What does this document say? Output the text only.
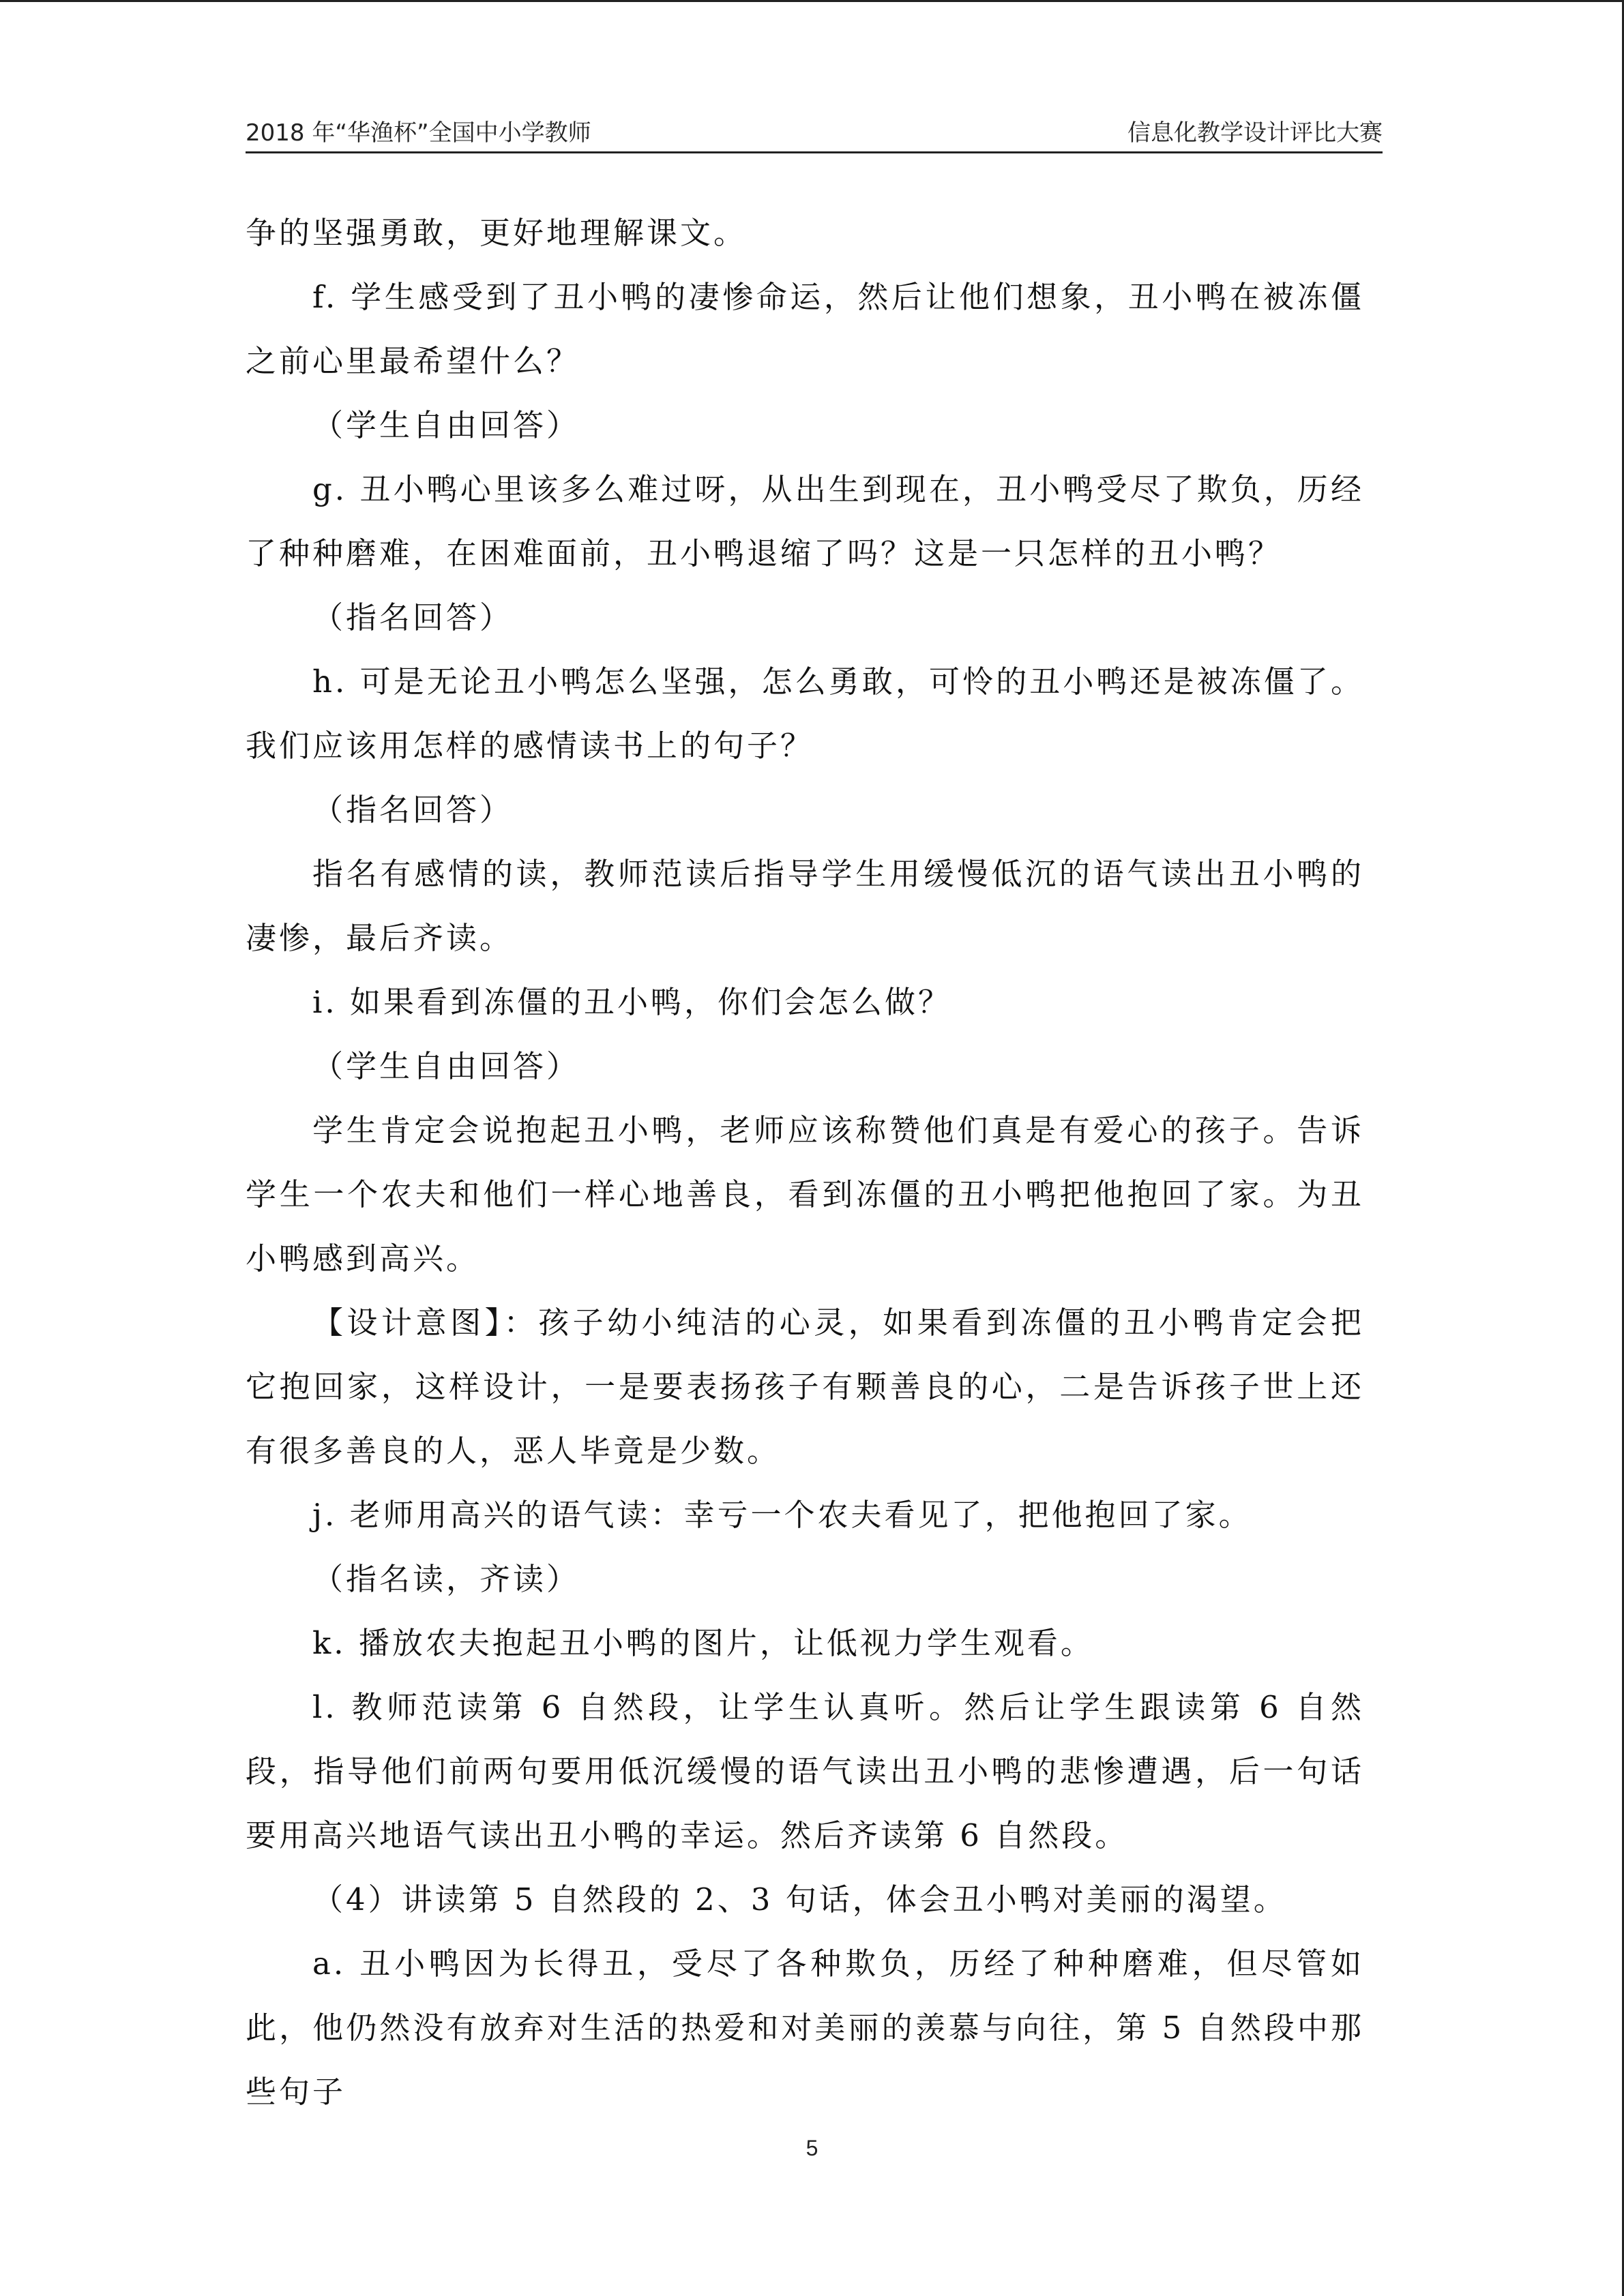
2018 年“华渔杯”全国中小学教师	信息化教学设计评比大赛

争的坚强勇敢，更好地理解课文。

f. 学生感受到了丑小鸭的凄惨命运，然后让他们想象，丑小鸭在被冻僵之前心里最希望什么？

（学生自由回答）

g. 丑小鸭心里该多么难过呀，从出生到现在，丑小鸭受尽了欺负，历经了种种磨难，在困难面前，丑小鸭退缩了吗？这是一只怎样的丑小鸭？

（指名回答）

h. 可是无论丑小鸭怎么坚强，怎么勇敢，可怜的丑小鸭还是被冻僵了。我们应该用怎样的感情读书上的句子？

（指名回答）

指名有感情的读，教师范读后指导学生用缓慢低沉的语气读出丑小鸭的凄惨，最后齐读。

i. 如果看到冻僵的丑小鸭，你们会怎么做？

（学生自由回答）

学生肯定会说抱起丑小鸭，老师应该称赞他们真是有爱心的孩子。告诉学生一个农夫和他们一样心地善良，看到冻僵的丑小鸭把他抱回了家。为丑小鸭感到高兴。

【设计意图】：孩子幼小纯洁的心灵，如果看到冻僵的丑小鸭肯定会把它抱回家，这样设计，一是要表扬孩子有颗善良的心，二是告诉孩子世上还有很多善良的人，恶人毕竟是少数。

j. 老师用高兴的语气读：幸亏一个农夫看见了，把他抱回了家。

（指名读，齐读）

k. 播放农夫抱起丑小鸭的图片，让低视力学生观看。

l. 教师范读第 6 自然段，让学生认真听。然后让学生跟读第 6 自然段，指导他们前两句要用低沉缓慢的语气读出丑小鸭的悲惨遭遇，后一句话要用高兴地语气读出丑小鸭的幸运。然后齐读第 6 自然段。

（4）讲读第 5 自然段的 2、3 句话，体会丑小鸭对美丽的渴望。

a. 丑小鸭因为长得丑，受尽了各种欺负，历经了种种磨难，但尽管如此，他仍然没有放弃对生活的热爱和对美丽的羡慕与向往，第 5 自然段中那些句子

5
